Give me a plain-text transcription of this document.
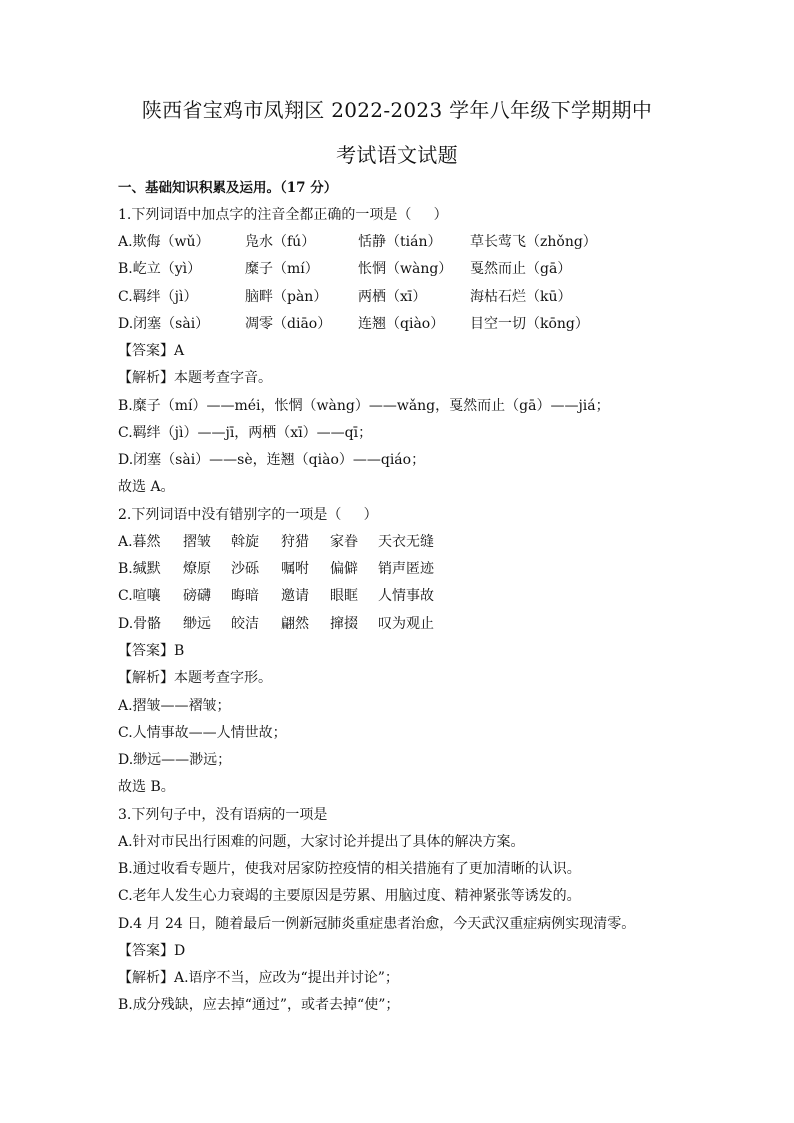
陕西省宝鸡市凤翔区 2022-2023 学年八年级下学期期中
考试语文试题
一、基础知识积累及运用。（17 分）
1.下列词语中加点字的注音全都正确的一项是（     ）
A.欺侮（wǔ）	凫水（fú）	恬静（tián）	草长莺飞（zhǒng）
B.屹立（yì）	糜子（mí）	怅惘（wàng）	戛然而止（gā）
C.羁绊（jì）	脑畔（pàn）	两栖（xī）	海枯石烂（kū）
D.闭塞（sài）	凋零（diāo）	连翘（qiào）	目空一切（kōng）
【答案】A
【解析】本题考查字音。
B.糜子（mí）——méi，怅惘（wàng）——wǎng，戛然而止（gā）——jiá；
C.羁绊（jì）——jī，两栖（xī）——qī；
D.闭塞（sài）——sè，连翘（qiào）——qiáo；
故选 A。
2.下列词语中没有错别字的一项是（     ）
A.暮然	摺皱	斡旋	狩猎	家眷	天衣无缝
B.缄默	燎原	沙砾	嘱咐	偏僻	销声匿迹
C.喧嚷	磅礴	晦暗	邀请	眼眶	人情事故
D.骨骼	缈远	皎洁	翩然	撺掇	叹为观止
【答案】B
【解析】本题考查字形。
A.摺皱——褶皱；
C.人情事故——人情世故；
D.缈远——渺远；
故选 B。
3.下列句子中，没有语病的一项是
A.针对市民出行困难的问题，大家讨论并提出了具体的解决方案。
B.通过收看专题片，使我对居家防控疫情的相关措施有了更加清晰的认识。
C.老年人发生心力衰竭的主要原因是劳累、用脑过度、精神紧张等诱发的。
D.4 月 24 日，随着最后一例新冠肺炎重症患者治愈，今天武汉重症病例实现清零。
【答案】D
【解析】A.语序不当，应改为“提出并讨论”；
B.成分残缺，应去掉“通过”，或者去掉“使”；
